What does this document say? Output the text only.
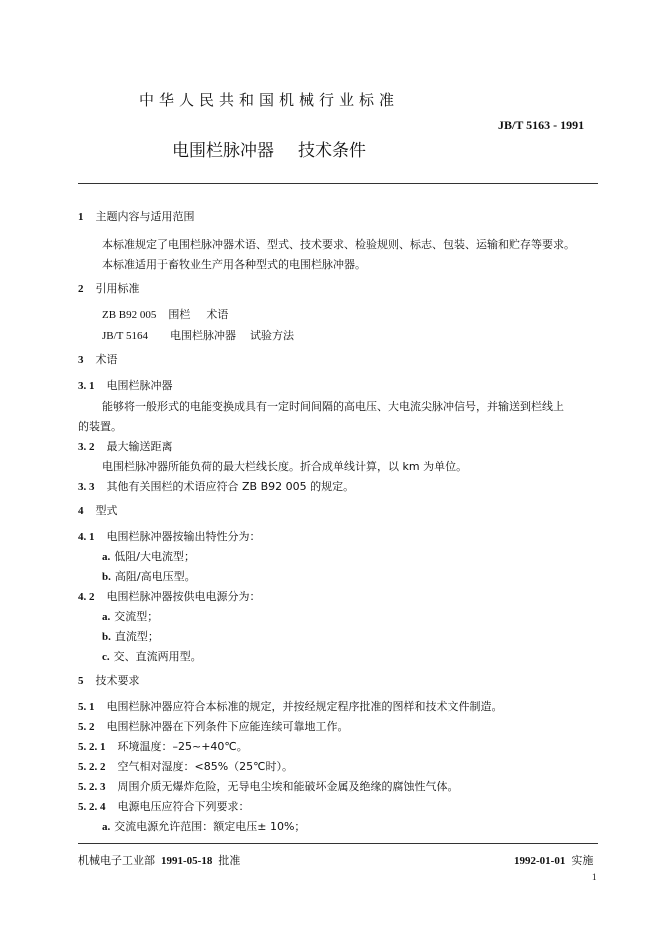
中华人民共和国机械行业标准
JB/T 5163 - 1991
电围栏脉冲器 技术条件
1 主题内容与适用范围
本标准规定了电围栏脉冲器术语、型式、技术要求、检验规则、标志、包装、运输和贮存等要求。
本标准适用于畜牧业生产用各种型式的电围栏脉冲器。
2 引用标准
ZB B92 005 围栏 术语
JB/T 5164 电围栏脉冲器 试验方法
3 术语
3. 1 电围栏脉冲器
能够将一般形式的电能变换成具有一定时间间隔的高电压、大电流尖脉冲信号，并输送到栏线上
的装置。
3. 2 最大输送距离
电围栏脉冲器所能负荷的最大栏线长度。折合成单线计算，以 km 为单位。
3. 3 其他有关围栏的术语应符合 ZB B92 005 的规定。
4 型式
4. 1 电围栏脉冲器按输出特性分为：
a. 低阻/大电流型；
b. 高阻/高电压型。
4. 2 电围栏脉冲器按供电电源分为：
a. 交流型；
b. 直流型；
c. 交、直流两用型。
5 技术要求
5. 1 电围栏脉冲器应符合本标准的规定，并按经规定程序批准的图样和技术文件制造。
5. 2 电围栏脉冲器在下列条件下应能连续可靠地工作。
5. 2. 1 环境温度：–25~+40℃。
5. 2. 2 空气相对湿度：<85%（25℃时）。
5. 2. 3 周围介质无爆炸危险，无导电尘埃和能破坏金属及绝缘的腐蚀性气体。
5. 2. 4 电源电压应符合下列要求：
a. 交流电源允许范围：额定电压± 10%；
机械电子工业部 1991-05-18 批准	1992-01-01 实施
1
